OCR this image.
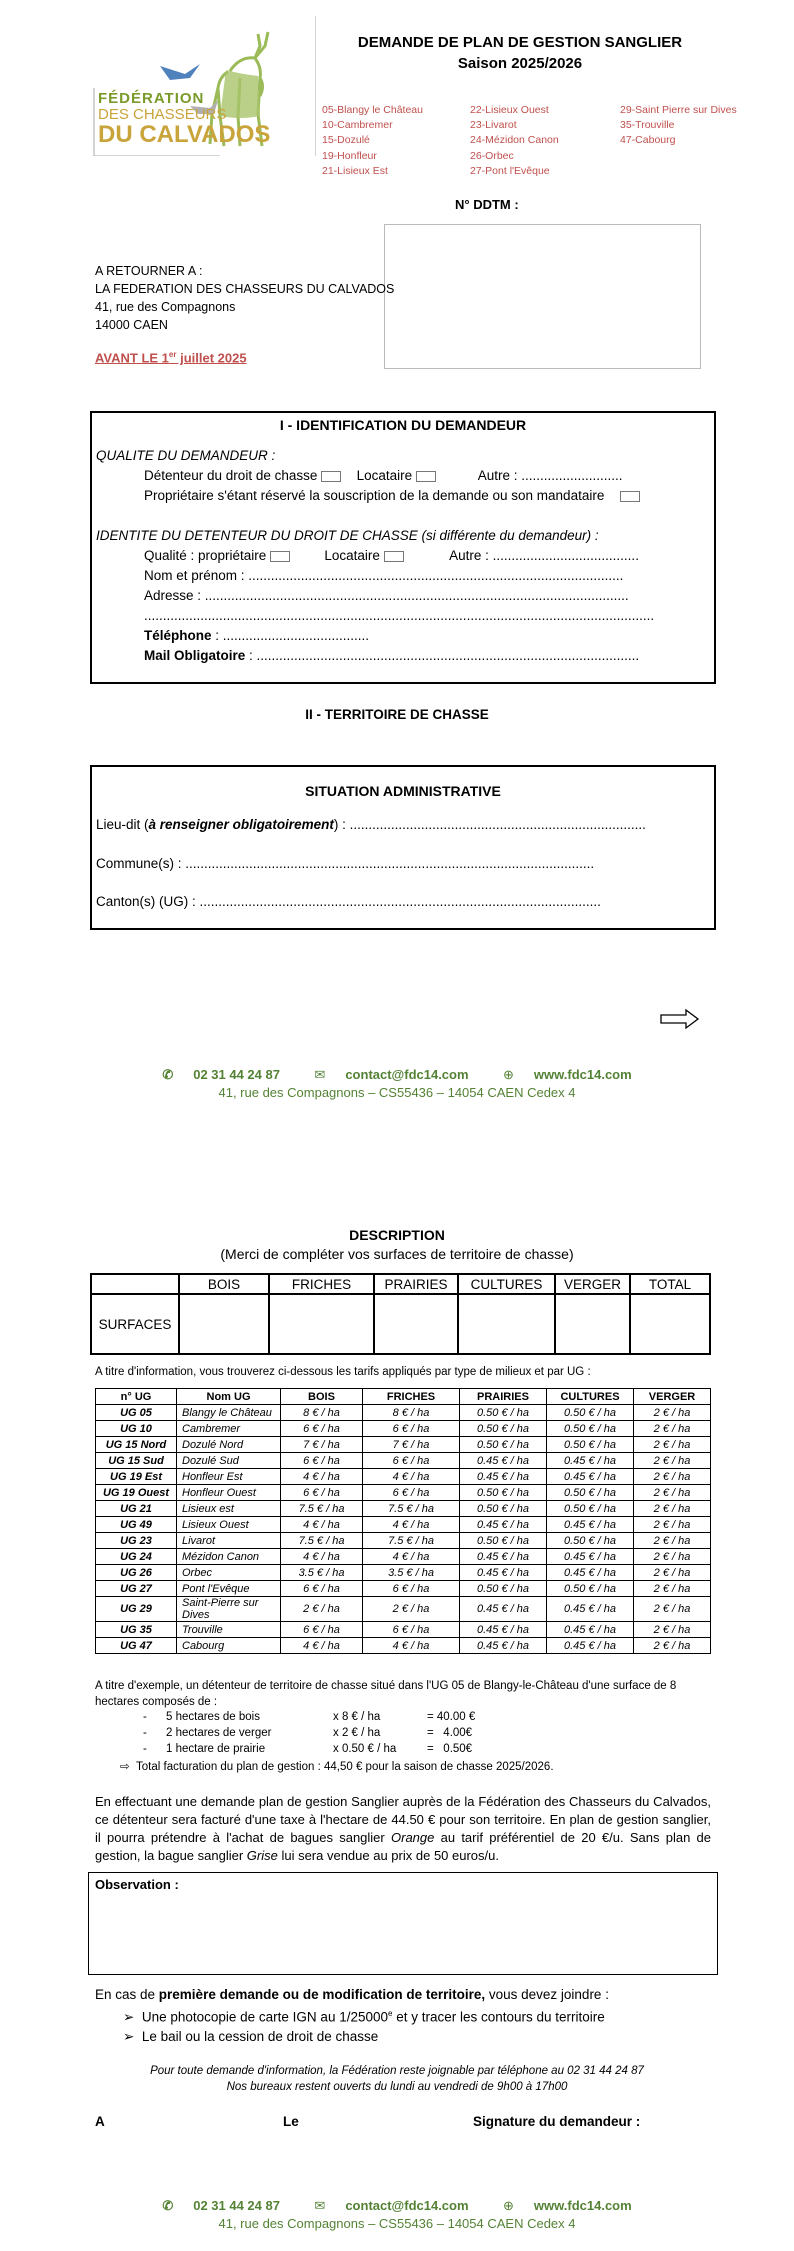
FÉDÉRATION
DES CHASSEURS
DU CALVADOS
DEMANDE DE PLAN DE GESTION SANGLIER
Saison 2025/2026
05-Blangy le Château
10-Cambremer
15-Dozulé
19-Honfleur
21-Lisieux Est
22-Lisieux Ouest
23-Livarot
24-Mézidon Canon
26-Orbec
27-Pont l'Evêque
29-Saint Pierre sur Dives
35-Trouville
47-Cabourg
N° DDTM :
A RETOURNER A :
LA FEDERATION DES CHASSEURS DU CALVADOS
41, rue des Compagnons
14000 CAEN
AVANT LE 1er juillet 2025
I - IDENTIFICATION DU DEMANDEUR
QUALITE DU DEMANDEUR :
Détenteur du droit de chasse	Locataire	Autre : ...........................
Propriétaire s'étant réservé la souscription de la demande ou son mandataire
IDENTITE DU DETENTEUR DU DROIT DE CHASSE (si différente du demandeur) :
Qualité : propriétaire	Locataire	Autre : .......................................
Nom et prénom : ....................................................................................................
Adresse : .................................................................................................................
........................................................................................................................................
Téléphone : .......................................
Mail Obligatoire : ......................................................................................................
II - TERRITOIRE DE CHASSE
SITUATION ADMINISTRATIVE
Lieu-dit (à renseigner obligatoirement) : ...............................................................................
Commune(s) : .............................................................................................................
Canton(s) (UG) : ...........................................................................................................
✆ 02 31 44 24 87	✉ contact@fdc14.com	⊕ www.fdc14.com
41, rue des Compagnons – CS55436 – 14054 CAEN Cedex 4
DESCRIPTION
(Merci de compléter vos surfaces de territoire de chasse)
	BOIS	FRICHES	PRAIRIES	CULTURES	VERGER	TOTAL
SURFACES						
A titre d'information, vous trouverez ci-dessous les tarifs appliqués par type de milieux et par UG :
n° UG	Nom UG	BOIS	FRICHES	PRAIRIES	CULTURES	VERGER
UG 05	Blangy le Château	8 € / ha	8 € / ha	0.50 € / ha	0.50 € / ha	2 € / ha
UG 10	Cambremer	6 € / ha	6 € / ha	0.50 € / ha	0.50 € / ha	2 € / ha
UG 15 Nord	Dozulé Nord	7 € / ha	7 € / ha	0.50 € / ha	0.50 € / ha	2 € / ha
UG 15 Sud	Dozulé Sud	6 € / ha	6 € / ha	0.45 € / ha	0.45 € / ha	2 € / ha
UG 19 Est	Honfleur Est	4 € / ha	4 € / ha	0.45 € / ha	0.45 € / ha	2 € / ha
UG 19 Ouest	Honfleur Ouest	6 € / ha	6 € / ha	0.50 € / ha	0.50 € / ha	2 € / ha
UG 21	Lisieux est	7.5 € / ha	7.5 € / ha	0.50 € / ha	0.50 € / ha	2 € / ha
UG 49	Lisieux Ouest	4 € / ha	4 € / ha	0.45 € / ha	0.45 € / ha	2 € / ha
UG 23	Livarot	7.5 € / ha	7.5 € / ha	0.50 € / ha	0.50 € / ha	2 € / ha
UG 24	Mézidon Canon	4 € / ha	4 € / ha	0.45 € / ha	0.45 € / ha	2 € / ha
UG 26	Orbec	3.5 € / ha	3.5 € / ha	0.45 € / ha	0.45 € / ha	2 € / ha
UG 27	Pont l'Evêque	6 € / ha	6 € / ha	0.50 € / ha	0.50 € / ha	2 € / ha
UG 29	Saint-Pierre sur Dives	2 € / ha	2 € / ha	0.45 € / ha	0.45 € / ha	2 € / ha
UG 35	Trouville	6 € / ha	6 € / ha	0.45 € / ha	0.45 € / ha	2 € / ha
UG 47	Cabourg	4 € / ha	4 € / ha	0.45 € / ha	0.45 € / ha	2 € / ha
A titre d'exemple, un détenteur de territoire de chasse situé dans l'UG 05 de Blangy-le-Château d'une surface de 8 hectares composés de :
- 5 hectares de bois	x 8 € / ha	= 40.00 €
- 2 hectares de verger	x 2 € / ha	=   4.00€
- 1 hectare de prairie	x 0.50 € / ha	=   0.50€
⇨ Total facturation du plan de gestion : 44,50 € pour la saison de chasse 2025/2026.
En effectuant une demande plan de gestion Sanglier auprès de la Fédération des Chasseurs du Calvados, ce détenteur sera facturé d'une taxe à l'hectare de 44.50 € pour son territoire. En plan de gestion sanglier, il pourra prétendre à l'achat de bagues sanglier Orange au tarif préférentiel de 20 €/u. Sans plan de gestion, la bague sanglier Grise lui sera vendue au prix de 50 euros/u.
Observation :
En cas de première demande ou de modification de territoire, vous devez joindre :
➢ Une photocopie de carte IGN au 1/25000e et y tracer les contours du territoire
➢ Le bail ou la cession de droit de chasse
Pour toute demande d'information, la Fédération reste joignable par téléphone au 02 31 44 24 87
Nos bureaux restent ouverts du lundi au vendredi de 9h00 à 17h00
A	Le	Signature du demandeur :
✆ 02 31 44 24 87	✉ contact@fdc14.com	⊕ www.fdc14.com
41, rue des Compagnons – CS55436 – 14054 CAEN Cedex 4
